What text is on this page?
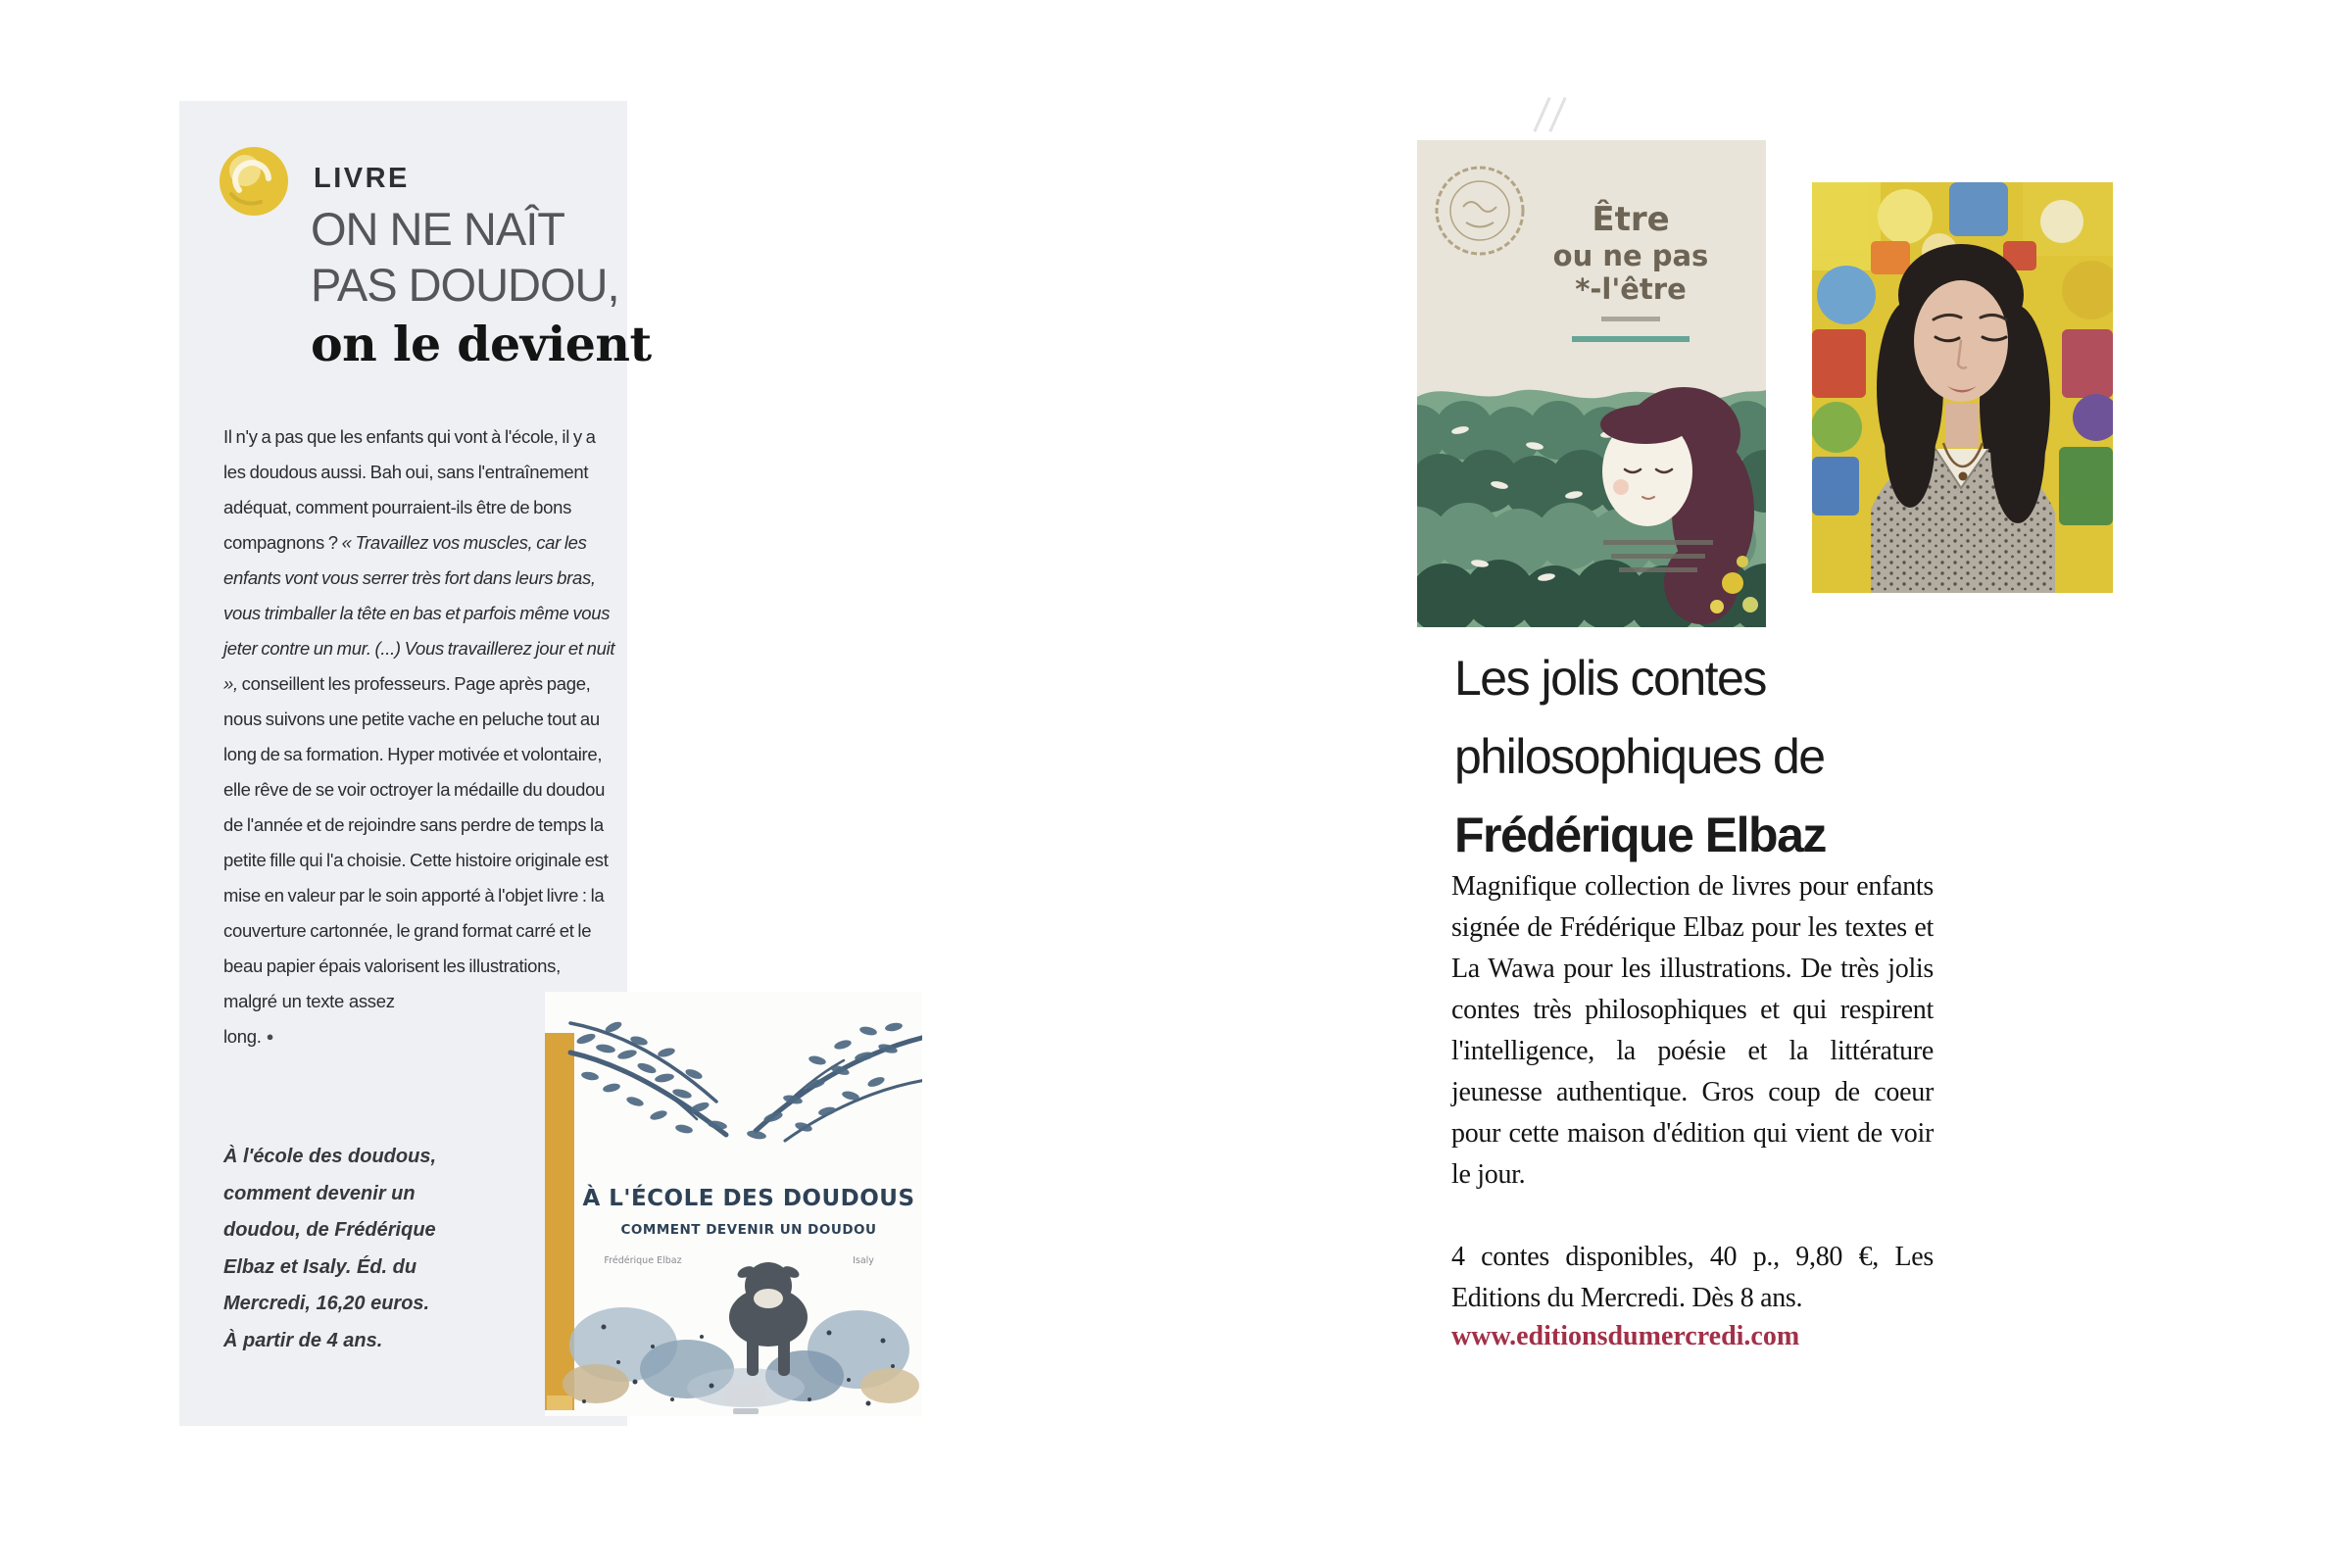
LIVRE
ON NE NAÎT
PAS DOUDOU,
on le devient

Il n'y a pas que les enfants qui vont à l'école, il y a les doudous aussi. Bah oui, sans l'entraînement adéquat, comment pourraient-ils être de bons compagnons ? « Travaillez vos muscles, car les enfants vont vous serrer très fort dans leurs bras, vous trimballer la tête en bas et parfois même vous jeter contre un mur. (...) Vous travaillerez jour et nuit », conseillent les professeurs. Page après page, nous suivons une petite vache en peluche tout au long de sa formation. Hyper motivée et volontaire, elle rêve de se voir octroyer la médaille du doudou de l'année et de rejoindre sans perdre de temps la petite fille qui l'a choisie. Cette histoire originale est mise en valeur par le soin apporté à l'objet livre : la couverture cartonnée, le grand format carré et le beau papier épais valorisent les illustrations,

malgré un texte assez long. ●

À l'école des doudous, comment devenir un doudou, de Frédérique Elbaz et Isaly. Éd. du Mercredi, 16,20 euros. À partir de 4 ans.

À L'ÉCOLE DES DOUDOUS
COMMENT DEVENIR UN DOUDOU
Frédérique Elbaz	Isaly
Être
ou ne pas
*-l'être
Les jolis contes
philosophiques de
Frédérique Elbaz

Magnifique collection de livres pour enfants signée de Frédérique Elbaz pour les textes et La Wawa pour les illustrations. De très jolis contes très philosophiques et qui respirent l'intelligence, la poésie et la littérature jeunesse authentique. Gros coup de coeur pour cette maison d'édition qui vient de voir le jour.

4 contes disponibles, 40 p., 9,80 €, Les Editions du Mercredi. Dès 8 ans.

www.editionsdumercredi.com
